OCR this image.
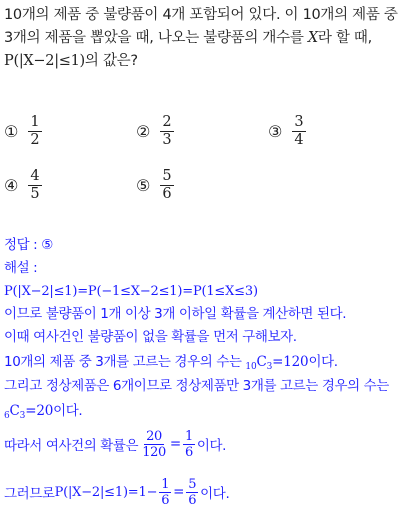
10개의 제품 중 불량품이 4개 포함되어 있다. 이 10개의 제품 중
3개의 제품을 뽑았을 때, 나오는 불량품의 개수를 X라 할 때,
P(|X−2|≤1)의 값은?
① $\frac{1}{2}$	② $\frac{2}{3}$	③ $\frac{3}{4}$
④ $\frac{4}{5}$	⑤ $\frac{5}{6}$
정답 : ⑤
해설 :
P(|X−2|≤1)=P(−1≤X−2≤1)=P(1≤X≤3)
이므로 불량품이 1개 이상 3개 이하일 확률을 계산하면 된다.
이때 여사건인 불량품이 없을 확률을 먼저 구해보자.
10개의 제품 중 3개를 고르는 경우의 수는 $_{10}C_3=120$이다.
그리고 정상제품은 6개이므로 정상제품만 3개를 고르는 경우의 수는
$_6C_3=20$이다.
따라서 여사건의 확률은 $\frac{20}{120} = \frac{1}{6}$ 이다.
그러므로 $P(|X-2|\le 1)=1- \frac{1}{6} = \frac{5}{6}$ 이다.
